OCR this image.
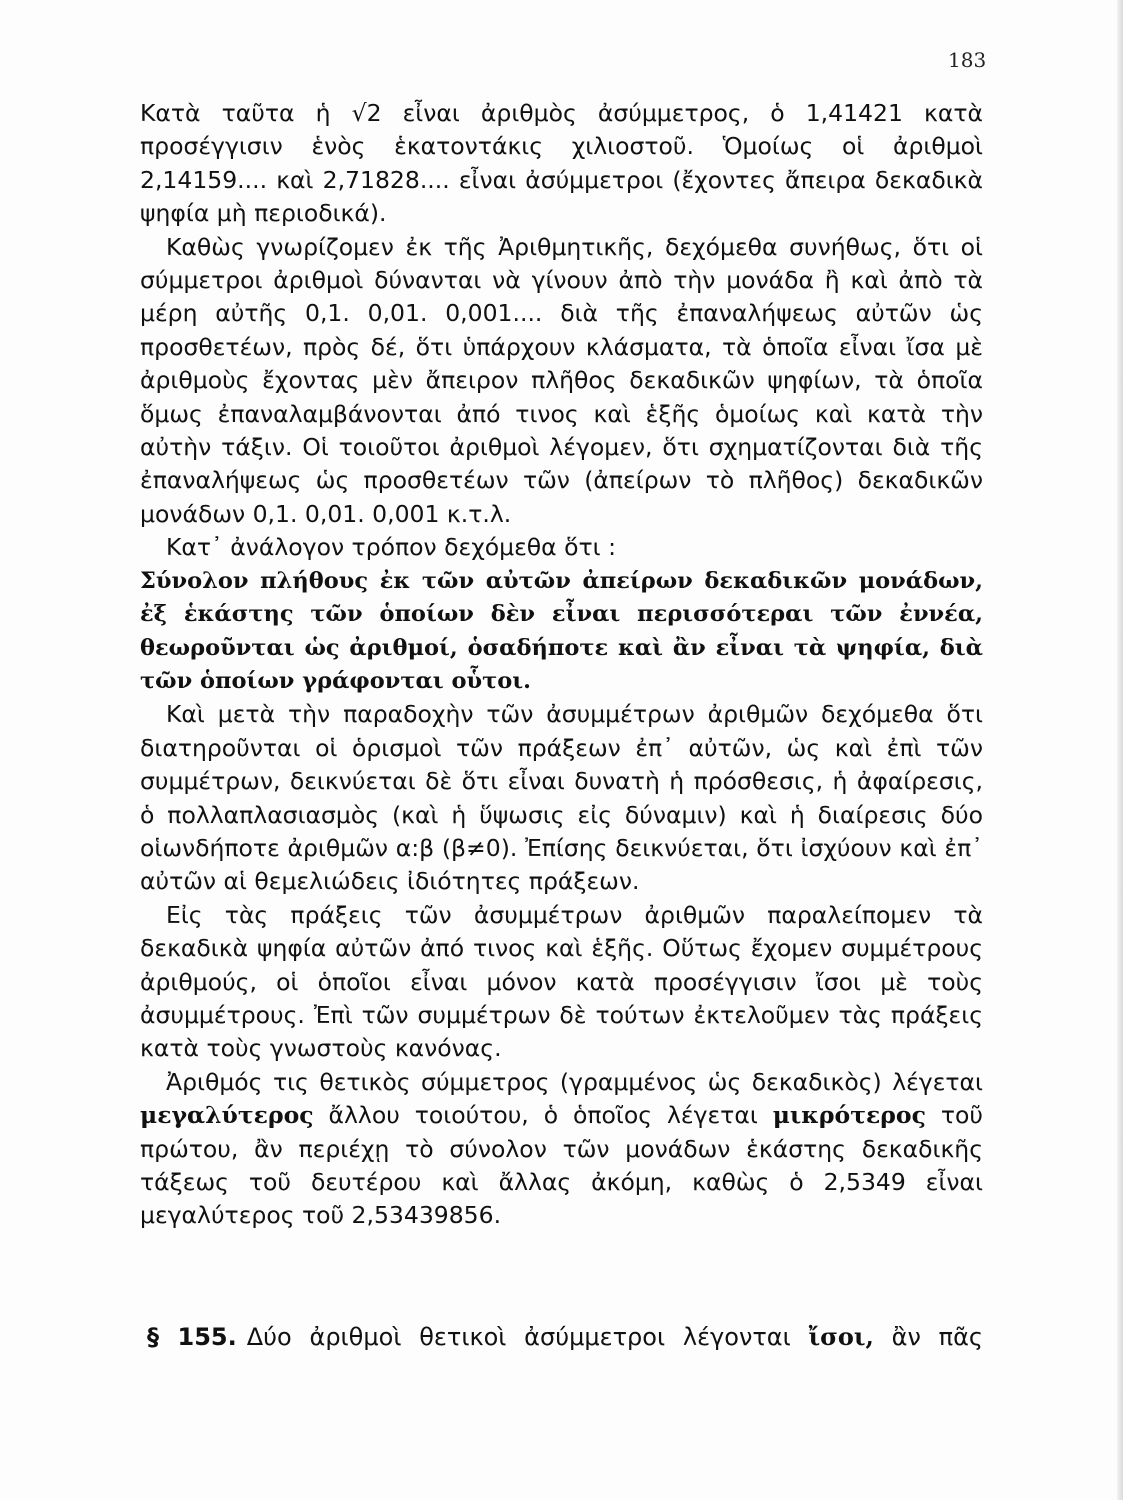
183

Κατὰ ταῦτα ἡ √2 εἶναι ἀριθμὸς ἀσύμμετρος, ὁ 1,41421 κατὰ προσέγγισιν ἑνὸς ἑκατοντάκις χιλιοστοῦ. Ὁμοίως οἱ ἀριθμοὶ 2,14159.... καὶ 2,71828.... εἶναι ἀσύμμετροι (ἔχοντες ἄπειρα δεκαδικὰ ψηφία μὴ περιοδικά).

Καθὼς γνωρίζομεν ἐκ τῆς Ἀριθμητικῆς, δεχόμεθα συνήθως, ὅτι οἱ σύμμετροι ἀριθμοὶ δύνανται νὰ γίνουν ἀπὸ τὴν μονάδα ἢ καὶ ἀπὸ τὰ μέρη αὐτῆς 0,1. 0,01. 0,001.... διὰ τῆς ἐπαναλήψεως αὐτῶν ὡς προσθετέων, πρὸς δέ, ὅτι ὑπάρχουν κλάσματα, τὰ ὁποῖα εἶναι ἴσα μὲ ἀριθμοὺς ἔχοντας μὲν ἄπειρον πλῆθος δεκαδικῶν ψηφίων, τὰ ὁποῖα ὅμως ἐπαναλαμβάνονται ἀπό τινος καὶ ἑξῆς ὁμοίως καὶ κατὰ τὴν αὐτὴν τάξιν. Οἱ τοιοῦτοι ἀριθμοὶ λέγομεν, ὅτι σχηματίζονται διὰ τῆς ἐπαναλήψεως ὡς προσθετέων τῶν (ἀπείρων τὸ πλῆθος) δεκαδικῶν μονάδων 0,1. 0,01. 0,001 κ.τ.λ.

Κατ᾿ ἀνάλογον τρόπον δεχόμεθα ὅτι :

Σύνολον πλήθους ἐκ τῶν αὐτῶν ἀπείρων δεκαδικῶν μονάδων, ἐξ ἑκάστης τῶν ὁποίων δὲν εἶναι περισσότεραι τῶν ἐννέα, θεωροῦνται ὡς ἀριθμοί, ὁσαδήποτε καὶ ἂν εἶναι τὰ ψηφία, διὰ τῶν ὁποίων γράφονται οὗτοι.

Καὶ μετὰ τὴν παραδοχὴν τῶν ἀσυμμέτρων ἀριθμῶν δεχόμεθα ὅτι διατηροῦνται οἱ ὁρισμοὶ τῶν πράξεων ἐπ᾿ αὐτῶν, ὡς καὶ ἐπὶ τῶν συμμέτρων, δεικνύεται δὲ ὅτι εἶναι δυνατὴ ἡ πρόσθεσις, ἡ ἀφαίρεσις, ὁ πολλαπλασιασμὸς (καὶ ἡ ὕψωσις εἰς δύναμιν) καὶ ἡ διαίρεσις δύο οἱωνδήποτε ἀριθμῶν α:β (β≠0). Ἐπίσης δεικνύεται, ὅτι ἰσχύουν καὶ ἐπ᾿ αὐτῶν αἱ θεμελιώδεις ἰδιότητες πράξεων.

Εἰς τὰς πράξεις τῶν ἀσυμμέτρων ἀριθμῶν παραλείπομεν τὰ δεκαδικὰ ψηφία αὐτῶν ἀπό τινος καὶ ἑξῆς. Οὕτως ἔχομεν συμμέτρους ἀριθμούς, οἱ ὁποῖοι εἶναι μόνον κατὰ προσέγγισιν ἴσοι μὲ τοὺς ἀσυμμέτρους. Ἐπὶ τῶν συμμέτρων δὲ τούτων ἐκτελοῦμεν τὰς πράξεις κατὰ τοὺς γνωστοὺς κανόνας.

Ἀριθμός τις θετικὸς σύμμετρος (γραμμένος ὡς δεκαδικὸς) λέγεται μεγαλύτερος ἄλλου τοιούτου, ὁ ὁποῖος λέγεται μικρότερος τοῦ πρώτου, ἂν περιέχῃ τὸ σύνολον τῶν μονάδων ἑκάστης δεκαδικῆς τάξεως τοῦ δευτέρου καὶ ἄλλας ἀκόμη, καθὼς ὁ 2,5349 εἶναι μεγαλύτερος τοῦ 2,53439856.

§ 155. Δύο ἀριθμοὶ θετικοὶ ἀσύμμετροι λέγονται ἴσοι, ἂν πᾶς
